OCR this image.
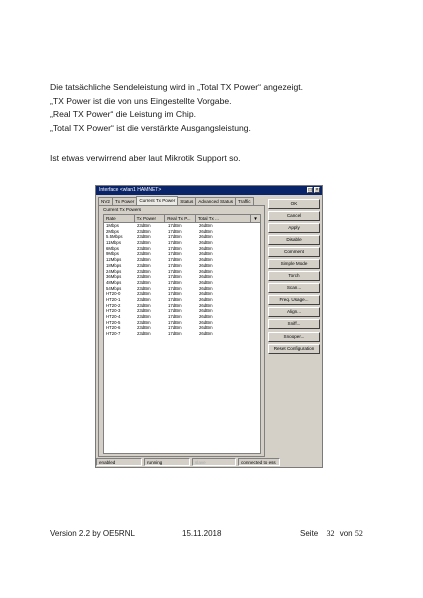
Die tatsächliche Sendeleistung wird in „Total TX Power“ angezeigt.
„TX Power ist die von uns Eingestellte Vorgabe.
„Real TX Power“ die Leistung im Chip.
„Total TX Power“ ist die verstärkte Ausgangsleistung.
Ist etwas verwirrend aber laut Mikrotik Support so.
Interface <wlan1 HAMNET>	□ ×
NV2	Tx Power	Current Tx Power	Status	Advanced Status	Traffic
Current Tx Powers
Rate	Tx Power	Real Tx P...	Total Tx ...	▼
1Mbps	23dBm	17dBm	26dBm
2Mbps	23dBm	17dBm	26dBm
5.5Mbps	23dBm	17dBm	26dBm
11Mbps	23dBm	17dBm	26dBm
6Mbps	23dBm	17dBm	26dBm
9Mbps	23dBm	17dBm	26dBm
12Mbps	23dBm	17dBm	26dBm
18Mbps	23dBm	17dBm	26dBm
24Mbps	23dBm	17dBm	26dBm
36Mbps	23dBm	17dBm	26dBm
48Mbps	23dBm	17dBm	26dBm
54Mbps	23dBm	17dBm	26dBm
HT20-0	23dBm	17dBm	26dBm
HT20-1	23dBm	17dBm	26dBm
HT20-2	23dBm	17dBm	26dBm
HT20-3	23dBm	17dBm	26dBm
HT20-4	23dBm	17dBm	26dBm
HT20-5	23dBm	17dBm	26dBm
HT20-6	23dBm	17dBm	26dBm
HT20-7	23dBm	17dBm	26dBm
OK
Cancel
Apply
Disable
Comment
Simple Mode
Torch
Scan...
Freq. Usage...
Align...
Sniff...
Snooper...
Reset Configuration
enabled	running	slave	connected to ess
Version 2.2 by OE5RNL	15.11.2018	Seite 32 von 52
